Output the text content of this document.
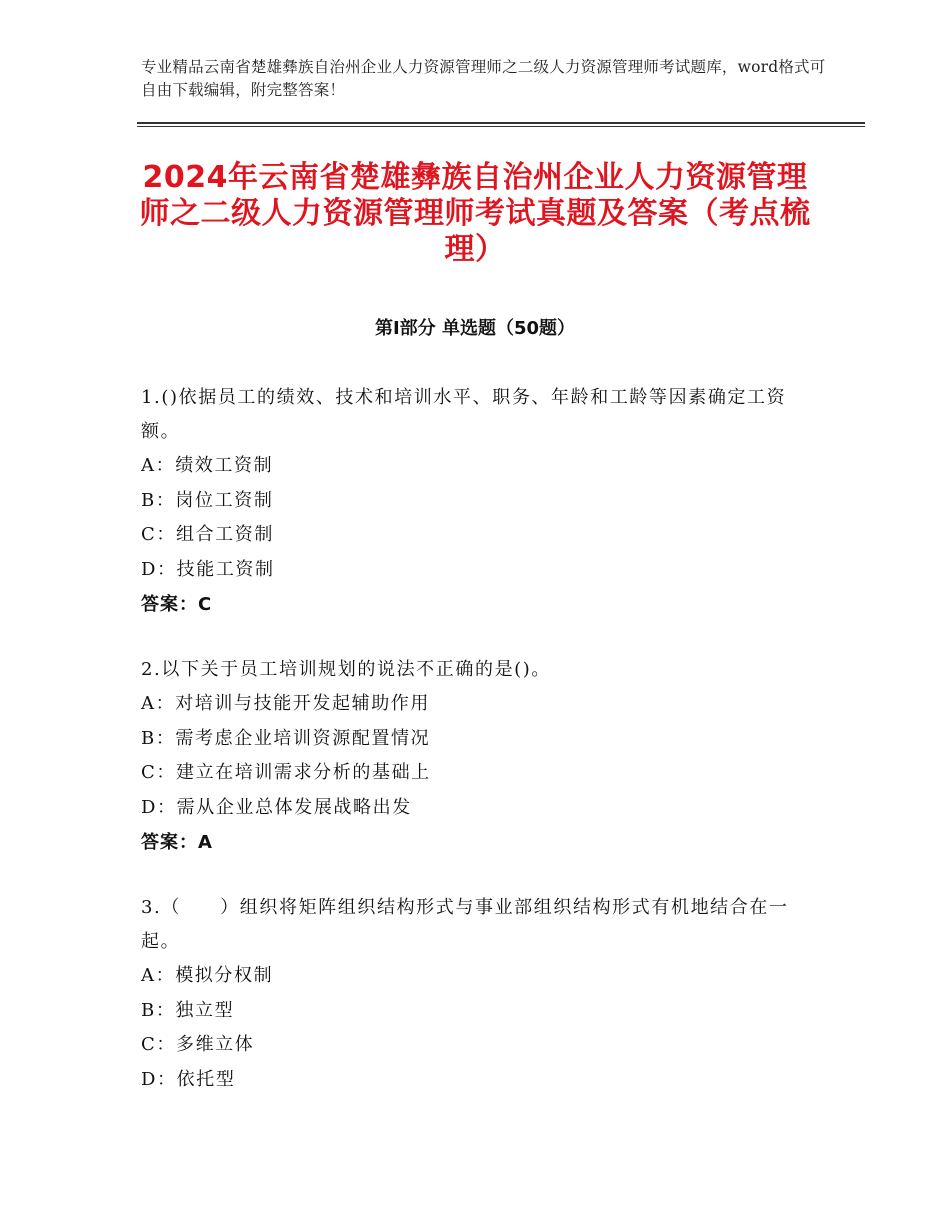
专业精品云南省楚雄彝族自治州企业人力资源管理师之二级人力资源管理师考试题库，word格式可自由下载编辑，附完整答案！
2024年云南省楚雄彝族自治州企业人力资源管理师之二级人力资源管理师考试真题及答案（考点梳理）
第Ⅰ部分 单选题（50题）
1.()依据员工的绩效、技术和培训水平、职务、年龄和工龄等因素确定工资额。
A：绩效工资制
B：岗位工资制
C：组合工资制
D：技能工资制
答案：C
2.以下关于员工培训规划的说法不正确的是()。
A：对培训与技能开发起辅助作用
B：需考虑企业培训资源配置情况
C：建立在培训需求分析的基础上
D：需从企业总体发展战略出发
答案：A
3.（　　）组织将矩阵组织结构形式与事业部组织结构形式有机地结合在一起。
A：模拟分权制
B：独立型
C：多维立体
D：依托型
